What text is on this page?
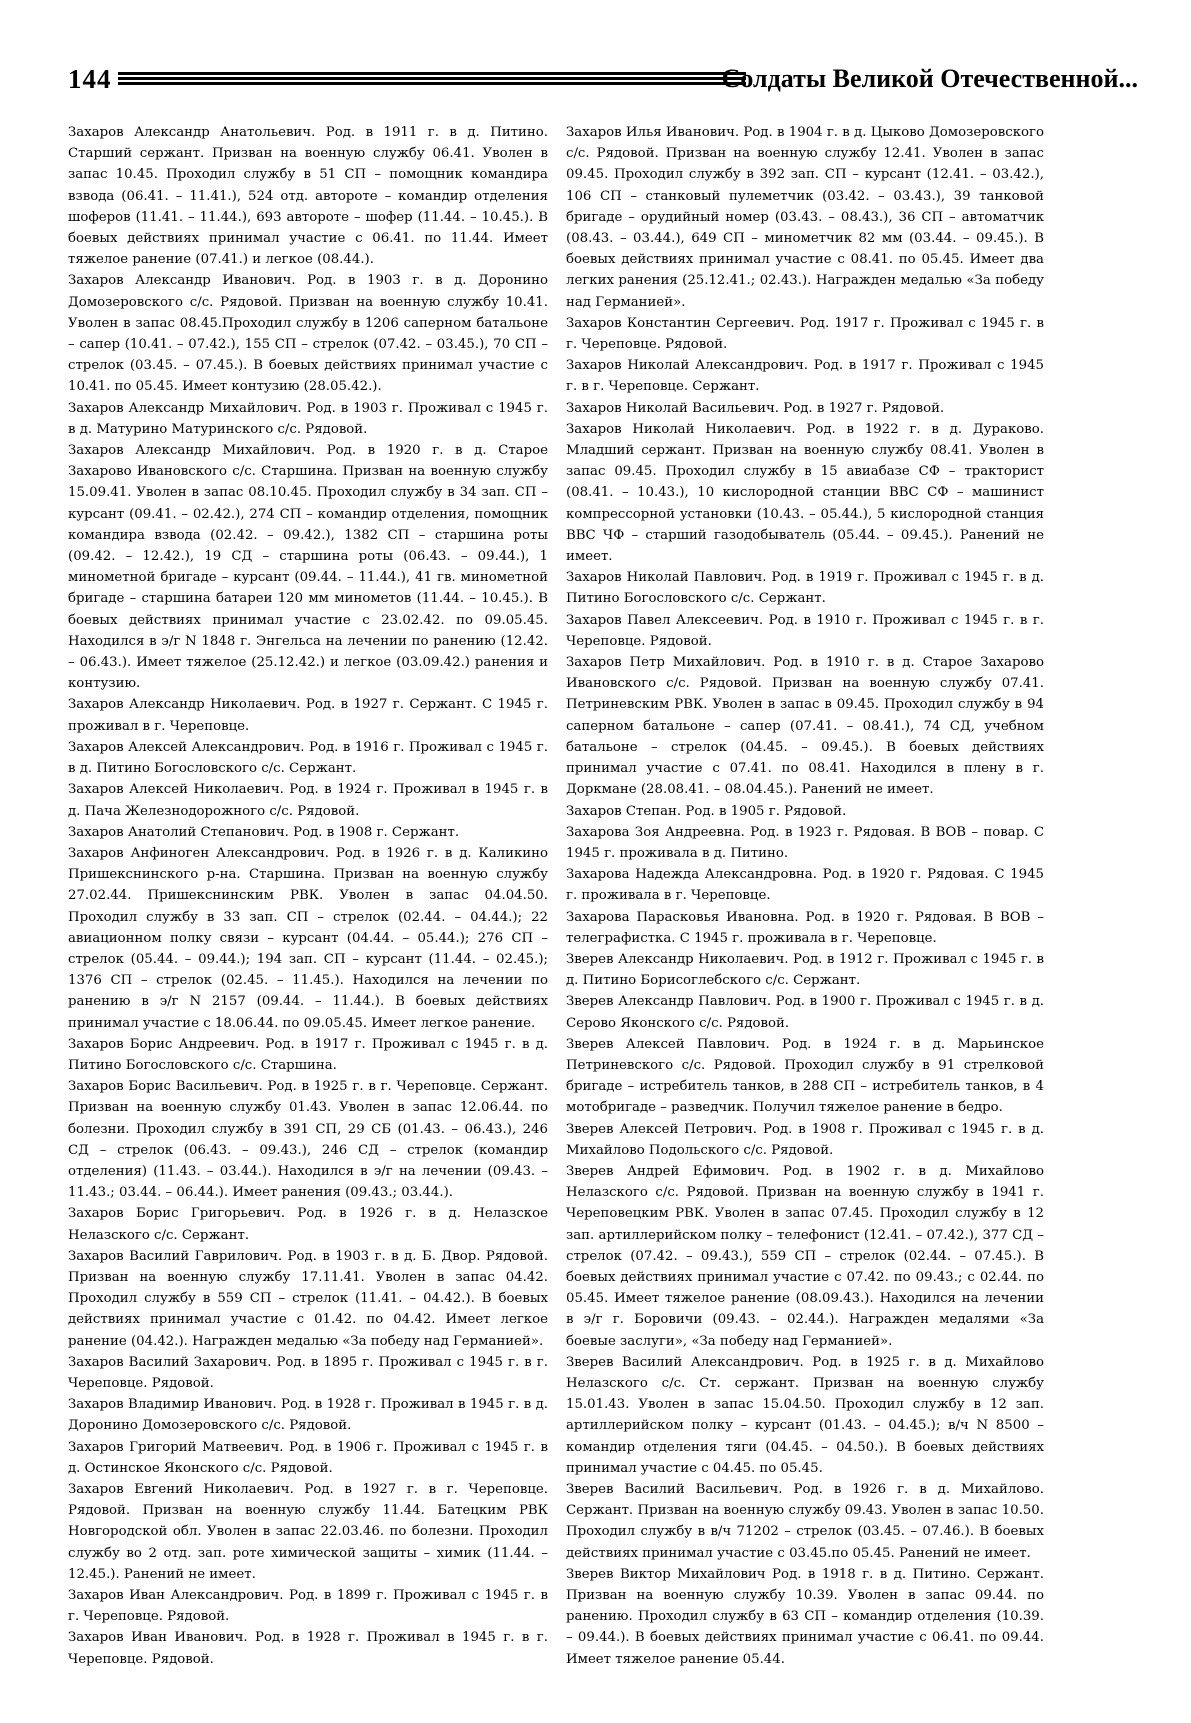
144	Солдаты Великой Отечественной...

Захаров Александр Анатольевич. Род. в 1911 г. в д. Питино. Старший сержант. Призван на военную службу 06.41. Уволен в запас 10.45. Проходил службу в 51 СП – помощник командира взвода (06.41. – 11.41.), 524 отд. автороте – командир отделения шоферов (11.41. – 11.44.), 693 автороте – шофер (11.44. – 10.45.). В боевых действиях принимал участие с 06.41. по 11.44. Имеет тяжелое ранение (07.41.) и легкое (08.44.).

Захаров Александр Иванович. Род. в 1903 г. в д. Доронино Домозеровского с/с. Рядовой. Призван на военную службу 10.41. Уволен в запас 08.45.Проходил службу в 1206 саперном батальоне – сапер (10.41. – 07.42.), 155 СП – стрелок (07.42. – 03.45.), 70 СП – стрелок (03.45. – 07.45.). В боевых действиях принимал участие с 10.41. по 05.45. Имеет контузию (28.05.42.).

Захаров Александр Михайлович. Род. в 1903 г. Проживал с 1945 г. в д. Матурино Матуринского с/с. Рядовой.

Захаров Александр Михайлович. Род. в 1920 г. в д. Старое Захарово Ивановского с/с. Старшина. Призван на военную службу 15.09.41. Уволен в запас 08.10.45. Проходил службу в 34 зап. СП – курсант (09.41. – 02.42.), 274 СП – командир отделения, помощник командира взвода (02.42. – 09.42.), 1382 СП – старшина роты (09.42. – 12.42.), 19 СД – старшина роты (06.43. – 09.44.), 1 минометной бригаде – курсант (09.44. – 11.44.), 41 гв. минометной бригаде – старшина батареи 120 мм минометов (11.44. – 10.45.). В боевых действиях принимал участие с 23.02.42. по 09.05.45. Находился в э/г N 1848 г. Энгельса на лечении по ранению (12.42. – 06.43.). Имеет тяжелое (25.12.42.) и легкое (03.09.42.) ранения и контузию.

Захаров Александр Николаевич. Род. в 1927 г. Сержант. С 1945 г. проживал в г. Череповце.

Захаров Алексей Александрович. Род. в 1916 г. Проживал с 1945 г. в д. Питино Богословского с/с. Сержант.

Захаров Алексей Николаевич. Род. в 1924 г. Проживал в 1945 г. в д. Пача Железнодорожного с/с. Рядовой.

Захаров Анатолий Степанович. Род. в 1908 г. Сержант.

Захаров Анфиноген Александрович. Род. в 1926 г. в д. Каликино Пришекснинского р-на. Старшина. Призван на военную службу 27.02.44. Пришекснинским РВК. Уволен в запас 04.04.50. Проходил службу в 33 зап. СП – стрелок (02.44. – 04.44.); 22 авиационном полку связи – курсант (04.44. – 05.44.); 276 СП – стрелок (05.44. – 09.44.); 194 зап. СП – курсант (11.44. – 02.45.); 1376 СП – стрелок (02.45. – 11.45.). Находился на лечении по ранению в э/г N 2157 (09.44. – 11.44.). В боевых действиях принимал участие с 18.06.44. по 09.05.45. Имеет легкое ранение.

Захаров Борис Андреевич. Род. в 1917 г. Проживал с 1945 г. в д. Питино Богословского с/с. Старшина.

Захаров Борис Васильевич. Род. в 1925 г. в г. Череповце. Сержант. Призван на военную службу 01.43. Уволен в запас 12.06.44. по болезни. Проходил службу в 391 СП, 29 СБ (01.43. – 06.43.), 246 СД – стрелок (06.43. – 09.43.), 246 СД – стрелок (командир отделения) (11.43. – 03.44.). Находился в э/г на лечении (09.43. – 11.43.; 03.44. – 06.44.). Имеет ранения (09.43.; 03.44.).

Захаров Борис Григорьевич. Род. в 1926 г. в д. Нелазское Нелазского с/с. Сержант.

Захаров Василий Гаврилович. Род. в 1903 г. в д. Б. Двор. Рядовой. Призван на военную службу 17.11.41. Уволен в запас 04.42. Проходил службу в 559 СП – стрелок (11.41. – 04.42.). В боевых действиях принимал участие с 01.42. по 04.42. Имеет легкое ранение (04.42.). Награжден медалью «За победу над Германией».

Захаров Василий Захарович. Род. в 1895 г. Проживал с 1945 г. в г. Череповце. Рядовой.

Захаров Владимир Иванович. Род. в 1928 г. Проживал в 1945 г. в д. Доронино Домозеровского с/с. Рядовой.

Захаров Григорий Матвеевич. Род. в 1906 г. Проживал с 1945 г. в д. Остинское Яконского с/с. Рядовой.

Захаров Евгений Николаевич. Род. в 1927 г. в г. Череповце. Рядовой. Призван на военную службу 11.44. Батецким РВК Новгородской обл. Уволен в запас 22.03.46. по болезни. Проходил службу во 2 отд. зап. роте химической защиты – химик (11.44. – 12.45.). Ранений не имеет.

Захаров Иван Александрович. Род. в 1899 г. Проживал с 1945 г. в г. Череповце. Рядовой.

Захаров Иван Иванович. Род. в 1928 г. Проживал в 1945 г. в г. Череповце. Рядовой.

Захаров Илья Иванович. Род. в 1904 г. в д. Цыково Домозеровского с/с. Рядовой. Призван на военную службу 12.41. Уволен в запас 09.45. Проходил службу в 392 зап. СП – курсант (12.41. – 03.42.), 106 СП – станковый пулеметчик (03.42. – 03.43.), 39 танковой бригаде – орудийный номер (03.43. – 08.43.), 36 СП – автоматчик (08.43. – 03.44.), 649 СП – минометчик 82 мм (03.44. – 09.45.). В боевых действиях принимал участие с 08.41. по 05.45. Имеет два легких ранения (25.12.41.; 02.43.). Награжден медалью «За победу над Германией».

Захаров Константин Сергеевич. Род. 1917 г. Проживал с 1945 г. в г. Череповце. Рядовой.

Захаров Николай Александрович. Род. в 1917 г. Проживал с 1945 г. в г. Череповце. Сержант.

Захаров Николай Васильевич. Род. в 1927 г. Рядовой.

Захаров Николай Николаевич. Род. в 1922 г. в д. Дураково. Младший сержант. Призван на военную службу 08.41. Уволен в запас 09.45. Проходил службу в 15 авиабазе СФ – тракторист (08.41. – 10.43.), 10 кислородной станции ВВС СФ – машинист компрессорной установки (10.43. – 05.44.), 5 кислородной станция ВВС ЧФ – старший газодобыватель (05.44. – 09.45.). Ранений не имеет.

Захаров Николай Павлович. Род. в 1919 г. Проживал с 1945 г. в д. Питино Богословского с/с. Сержант.

Захаров Павел Алексеевич. Род. в 1910 г. Проживал с 1945 г. в г. Череповце. Рядовой.

Захаров Петр Михайлович. Род. в 1910 г. в д. Старое Захарово Ивановского с/с. Рядовой. Призван на военную службу 07.41. Петриневским РВК. Уволен в запас в 09.45. Проходил службу в 94 саперном батальоне – сапер (07.41. – 08.41.), 74 СД, учебном батальоне – стрелок (04.45. – 09.45.). В боевых действиях принимал участие с 07.41. по 08.41. Находился в плену в г. Доркмане (28.08.41. – 08.04.45.). Ранений не имеет.

Захаров Степан. Род. в 1905 г. Рядовой.

Захарова Зоя Андреевна. Род. в 1923 г. Рядовая. В ВОВ – повар. С 1945 г. проживала в д. Питино.

Захарова Надежда Александровна. Род. в 1920 г. Рядовая. С 1945 г. проживала в г. Череповце.

Захарова Парасковья Ивановна. Род. в 1920 г. Рядовая. В ВОВ – телеграфистка. С 1945 г. проживала в г. Череповце.

Зверев Александр Николаевич. Род. в 1912 г. Проживал с 1945 г. в д. Питино Борисоглебского с/с. Сержант.

Зверев Александр Павлович. Род. в 1900 г. Проживал с 1945 г. в д. Серово Яконского с/с. Рядовой.

Зверев Алексей Павлович. Род. в 1924 г. в д. Марьинское Петриневского с/с. Рядовой. Проходил службу в 91 стрелковой бригаде – истребитель танков, в 288 СП – истребитель танков, в 4 мотобригаде – разведчик. Получил тяжелое ранение в бедро.

Зверев Алексей Петрович. Род. в 1908 г. Проживал с 1945 г. в д. Михайлово Подольского с/с. Рядовой.

Зверев Андрей Ефимович. Род. в 1902 г. в д. Михайлово Нелазского с/с. Рядовой. Призван на военную службу в 1941 г. Череповецким РВК. Уволен в запас 07.45. Проходил службу в 12 зап. артиллерийском полку – телефонист (12.41. – 07.42.), 377 СД – стрелок (07.42. – 09.43.), 559 СП – стрелок (02.44. – 07.45.). В боевых действиях принимал участие с 07.42. по 09.43.; с 02.44. по 05.45. Имеет тяжелое ранение (08.09.43.). Находился на лечении в э/г г. Боровичи (09.43. – 02.44.). Награжден медалями «За боевые заслуги», «За победу над Германией».

Зверев Василий Александрович. Род. в 1925 г. в д. Михайлово Нелазского с/с. Ст. сержант. Призван на военную службу 15.01.43. Уволен в запас 15.04.50. Проходил службу в 12 зап. артиллерийском полку – курсант (01.43. – 04.45.); в/ч N 8500 – командир отделения тяги (04.45. – 04.50.). В боевых действиях принимал участие с 04.45. по 05.45.

Зверев Василий Васильевич. Род. в 1926 г. в д. Михайлово. Сержант. Призван на военную службу 09.43. Уволен в запас 10.50. Проходил службу в в/ч 71202 – стрелок (03.45. – 07.46.). В боевых действиях принимал участие с 03.45.по 05.45. Ранений не имеет.

Зверев Виктор Михайлович Род. в 1918 г. в д. Питино. Сержант. Призван на военную службу 10.39. Уволен в запас 09.44. по ранению. Проходил службу в 63 СП – командир отделения (10.39. – 09.44.). В боевых действиях принимал участие с 06.41. по 09.44. Имеет тяжелое ранение 05.44.
